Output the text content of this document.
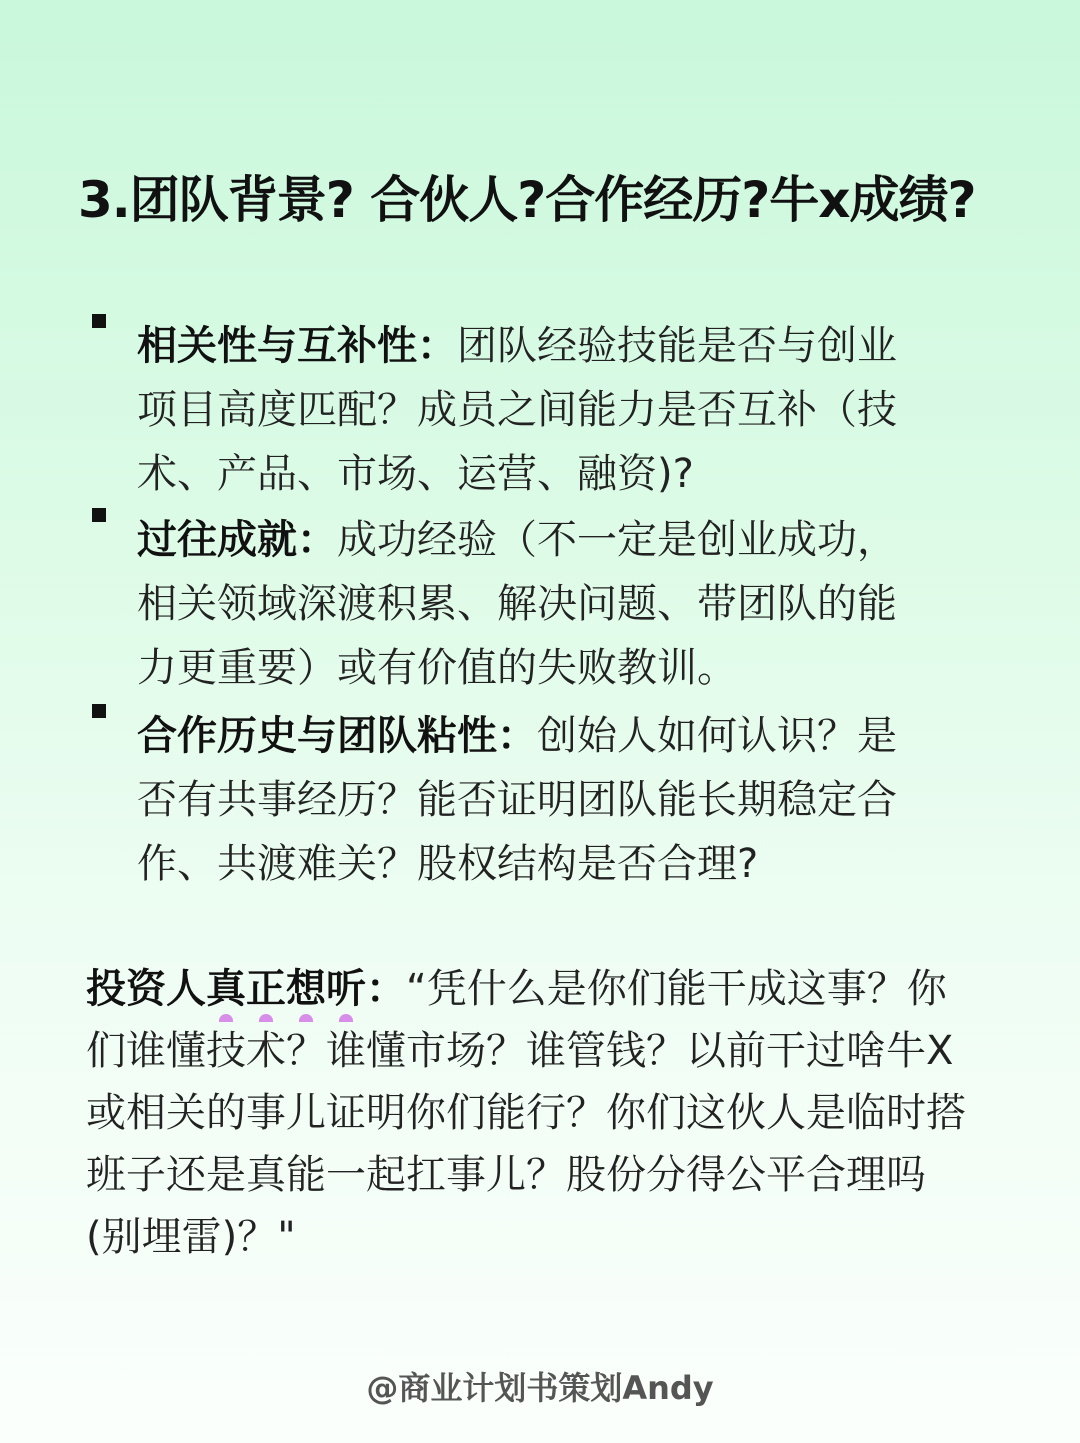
3.团队背景? 合伙人?合作经历?牛x成绩?
相关性与互补性：团队经验技能是否与创业项目高度匹配？成员之间能力是否互补（技术、产品、市场、运营、融资)?
过往成就：成功经验（不一定是创业成功，相关领域深渡积累、解决问题、带团队的能力更重要）或有价值的失败教训。
合作历史与团队粘性：创始人如何认识？是否有共事经历？能否证明团队能长期稳定合作、共渡难关？股权结构是否合理?
投资人真
正
想
听
：“凭什么是你们能干成这事？你们谁懂技术？谁懂市场？谁管钱？以前干过啥牛X或相关的事儿证明你们能行？你们这伙人是临时搭班子还是真能一起扛事儿？股份分得公平合理吗(别埋雷)？"
@商业计划书策划Andy
